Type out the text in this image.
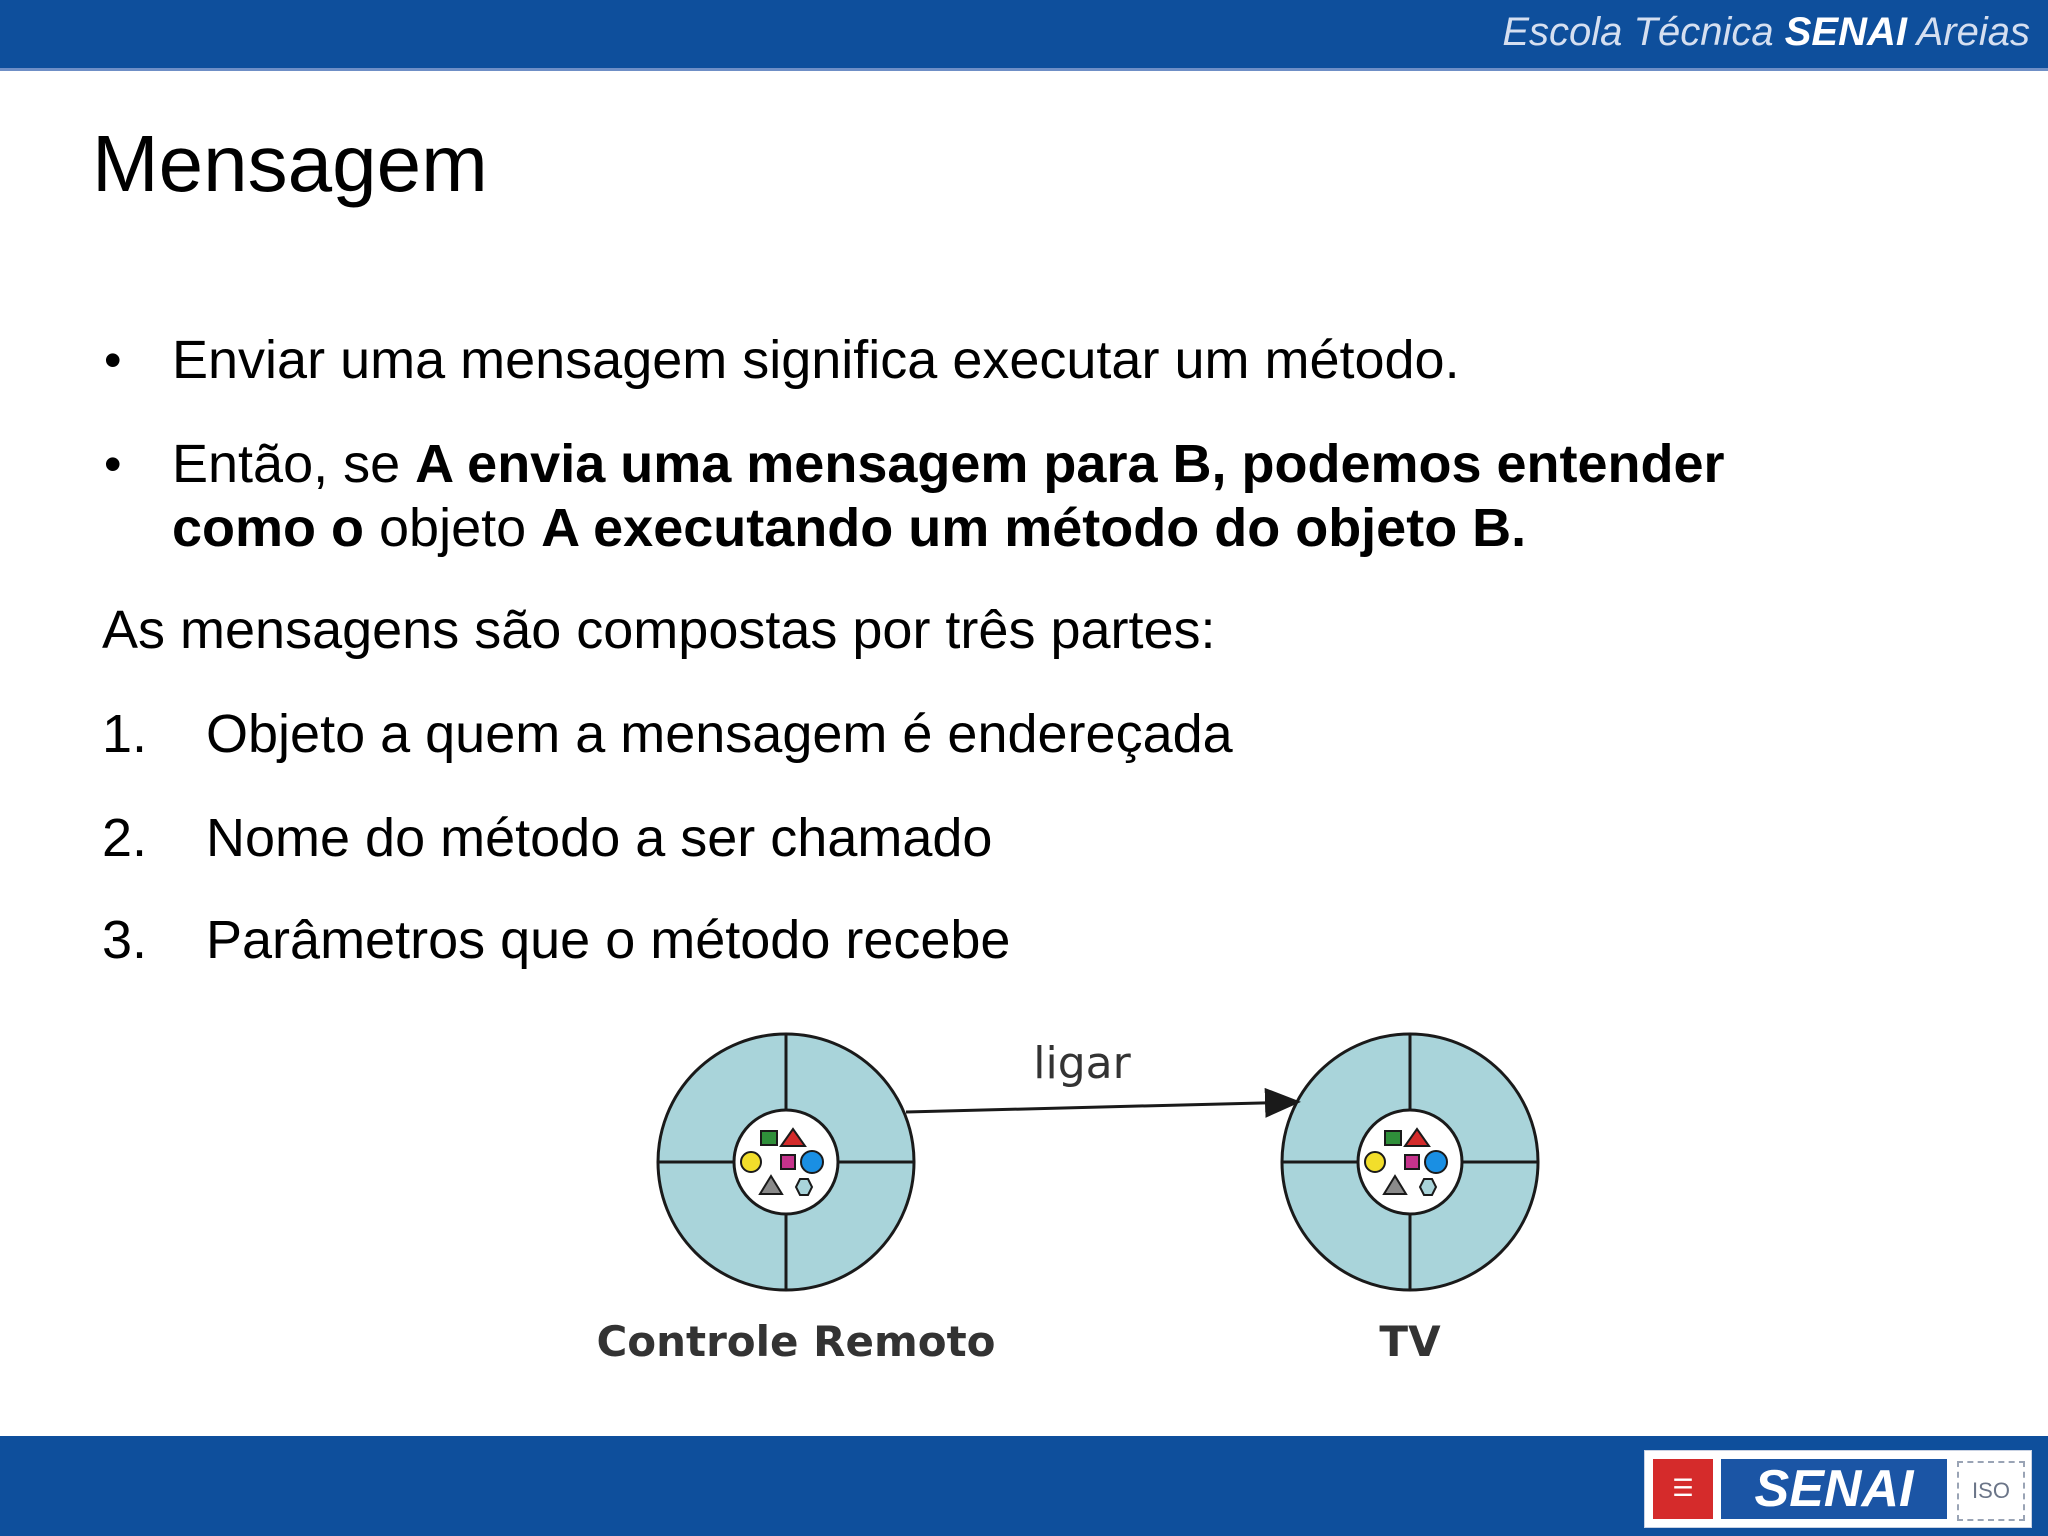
Escola Técnica SENAI Areias
Mensagem
• Enviar uma mensagem significa executar um método.
• Então, se A envia uma mensagem para B, podemos entender
como o objeto A executando um método do objeto B.
As mensagens são compostas por três partes:
1. Objeto a quem a mensagem é endereçada
2. Nome do método a ser chamado
3. Parâmetros que o método recebe
ligar
Controle Remoto	TV
☰	SENAI	ISO
